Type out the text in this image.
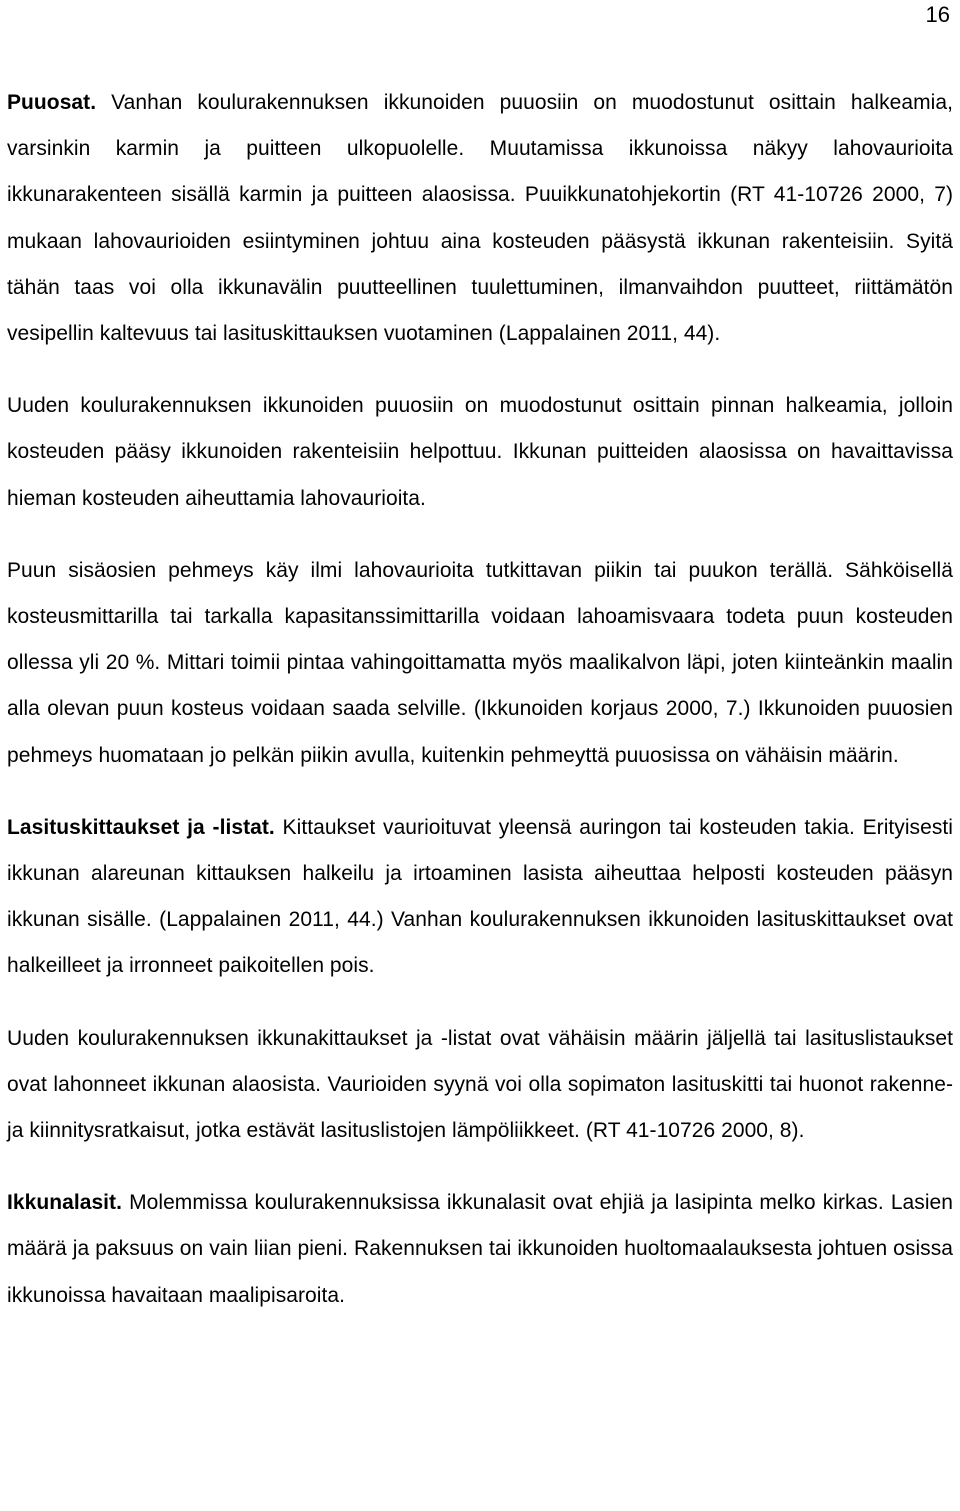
16

Puuosat. Vanhan koulurakennuksen ikkunoiden puuosiin on muodostunut osittain halkeamia, varsinkin karmin ja puitteen ulkopuolelle. Muutamissa ikkunoissa näkyy lahovaurioita ikkunarakenteen sisällä karmin ja puitteen alaosissa. Puuikkunatohjekortin (RT 41-10726 2000, 7) mukaan lahovaurioiden esiintyminen johtuu aina kosteuden pääsystä ikkunan rakenteisiin. Syitä tähän taas voi olla ikkunavälin puutteellinen tuulettuminen, ilmanvaihdon puutteet, riittämätön vesipellin kaltevuus tai lasituskittauksen vuotaminen (Lappalainen 2011, 44).

Uuden koulurakennuksen ikkunoiden puuosiin on muodostunut osittain pinnan halkeamia, jolloin kosteuden pääsy ikkunoiden rakenteisiin helpottuu. Ikkunan puitteiden alaosissa on havaittavissa hieman kosteuden aiheuttamia lahovaurioita.

Puun sisäosien pehmeys käy ilmi lahovaurioita tutkittavan piikin tai puukon terällä. Sähköisellä kosteusmittarilla tai tarkalla kapasitanssimittarilla voidaan lahoamisvaara todeta puun kosteuden ollessa yli 20 %. Mittari toimii pintaa vahingoittamatta myös maalikalvon läpi, joten kiinteänkin maalin alla olevan puun kosteus voidaan saada selville. (Ikkunoiden korjaus 2000, 7.) Ikkunoiden puuosien pehmeys huomataan jo pelkän piikin avulla, kuitenkin pehmeyttä puuosissa on vähäisin määrin.

Lasituskittaukset ja -listat. Kittaukset vaurioituvat yleensä auringon tai kosteuden takia. Erityisesti ikkunan alareunan kittauksen halkeilu ja irtoaminen lasista aiheuttaa helposti kosteuden pääsyn ikkunan sisälle. (Lappalainen 2011, 44.) Vanhan koulurakennuksen ikkunoiden lasituskittaukset ovat halkeilleet ja irronneet paikoitellen pois.

Uuden koulurakennuksen ikkunakittaukset ja -listat ovat vähäisin määrin jäljellä tai lasituslistaukset ovat lahonneet ikkunan alaosista. Vaurioiden syynä voi olla sopimaton lasituskitti tai huonot rakenne- ja kiinnitysratkaisut, jotka estävät lasituslistojen lämpöliikkeet. (RT 41-10726 2000, 8).

Ikkunalasit. Molemmissa koulurakennuksissa ikkunalasit ovat ehjiä ja lasipinta melko kirkas. Lasien määrä ja paksuus on vain liian pieni. Rakennuksen tai ikkunoiden huoltomaalauksesta johtuen osissa ikkunoissa havaitaan maalipisaroita.
